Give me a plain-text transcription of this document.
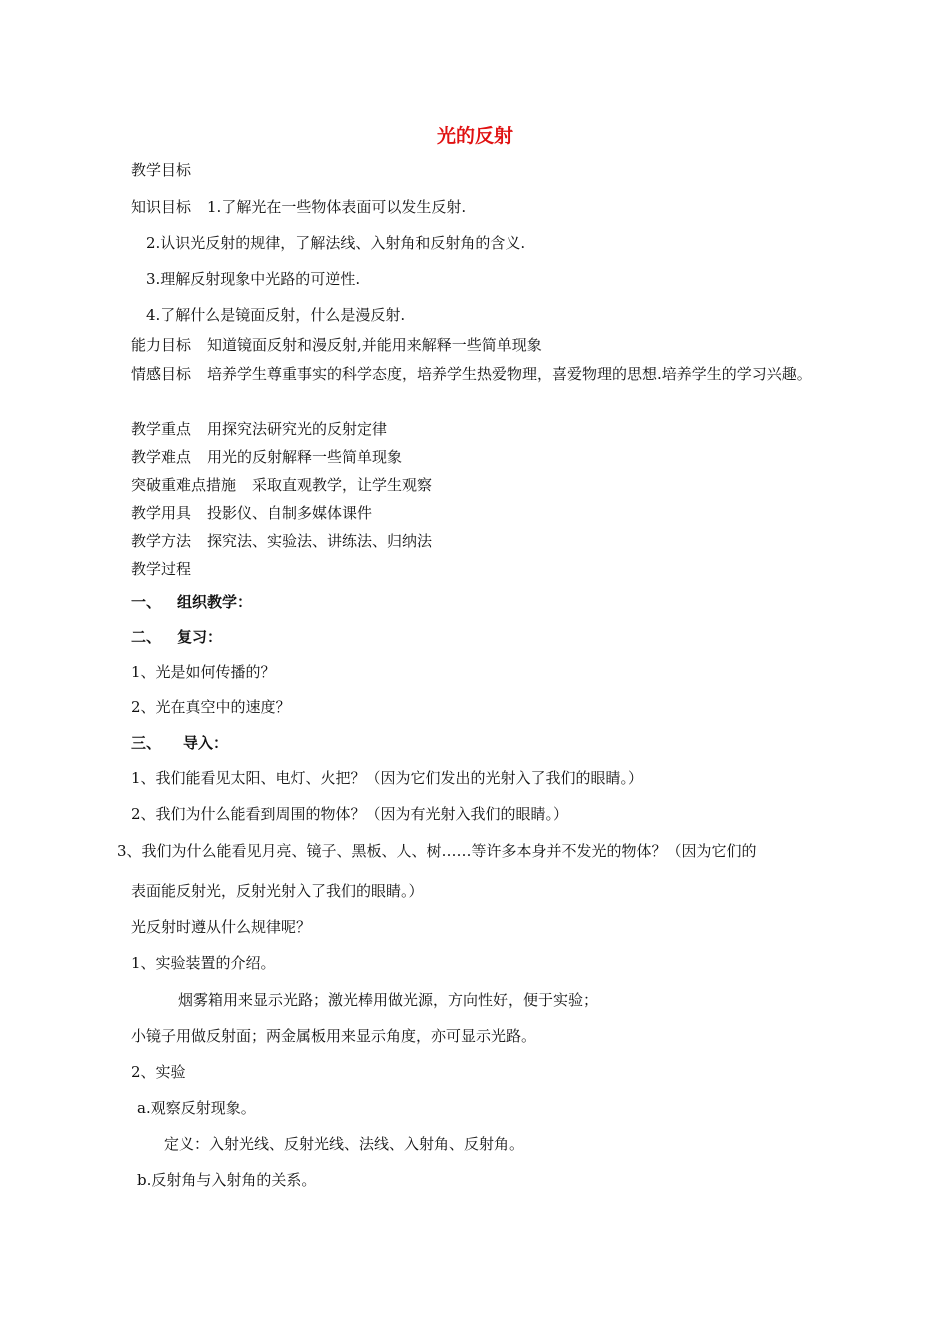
光的反射
教学目标
知识目标 1.了解光在一些物体表面可以发生反射.
2.认识光反射的规律，了解法线、入射角和反射角的含义.
3.理解反射现象中光路的可逆性.
4.了解什么是镜面反射，什么是漫反射.
能力目标 知道镜面反射和漫反射,并能用来解释一些简单现象
情感目标 培养学生尊重事实的科学态度，培养学生热爱物理，喜爱物理的思想.培养学生的学习兴趣。
教学重点 用探究法研究光的反射定律
教学难点 用光的反射解释一些简单现象
突破重难点措施 采取直观教学，让学生观察
教学用具 投影仪、自制多媒体课件
教学方法 探究法、实验法、讲练法、归纳法
教学过程
一、 组织教学：
二、 复习：
1、光是如何传播的？
2、光在真空中的速度？
三、 导入：
1、我们能看见太阳、电灯、火把？（因为它们发出的光射入了我们的眼睛。）
2、我们为什么能看到周围的物体？（因为有光射入我们的眼睛。）
3、我们为什么能看见月亮、镜子、黑板、人、树……等许多本身并不发光的物体？（因为它们的
表面能反射光，反射光射入了我们的眼睛。）
光反射时遵从什么规律呢？
1、实验装置的介绍。
烟雾箱用来显示光路；激光棒用做光源，方向性好，便于实验；
小镜子用做反射面；两金属板用来显示角度，亦可显示光路。
2、实验
a.观察反射现象。
定义：入射光线、反射光线、法线、入射角、反射角。
b.反射角与入射角的关系。
